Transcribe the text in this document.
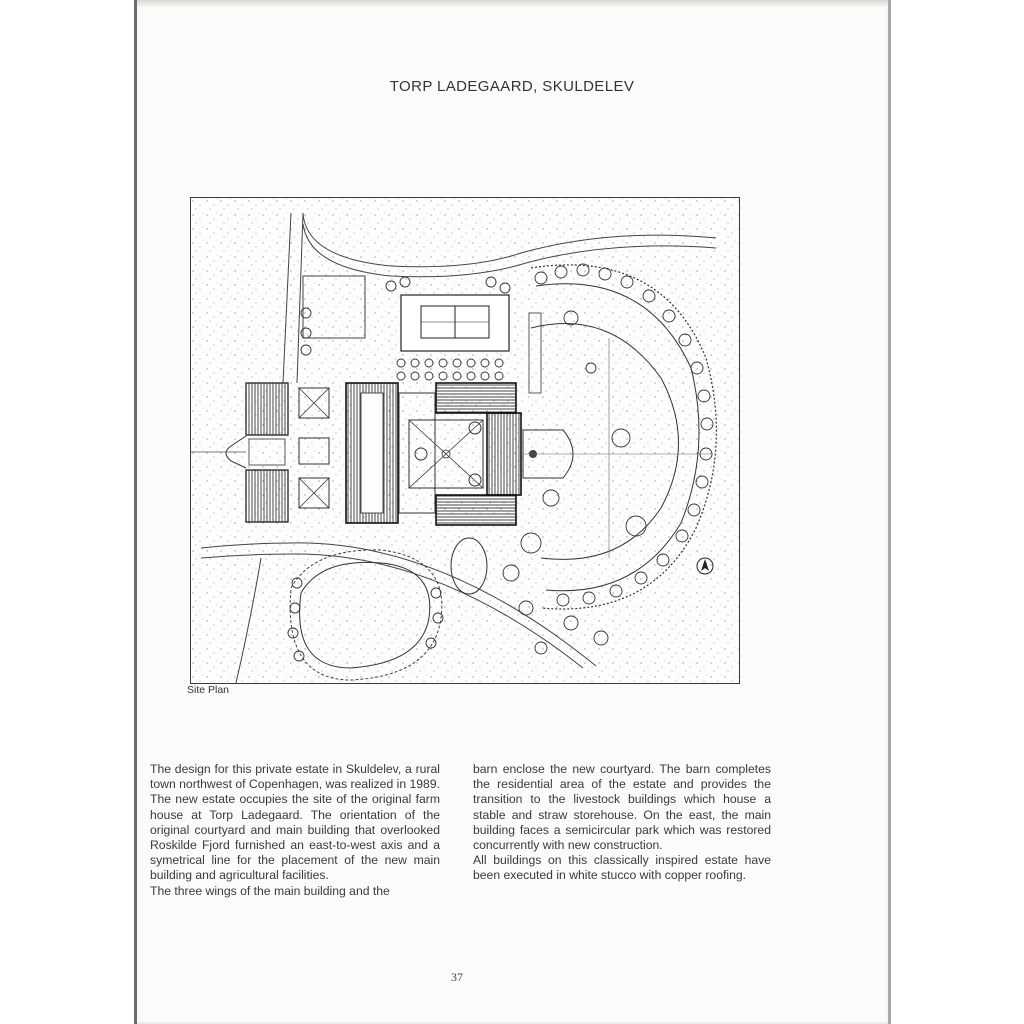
TORP LADEGAARD, SKULDELEV
Site Plan

The design for this private estate in Skuldelev, a rural town northwest of Copenhagen, was realized in 1989. The new estate occupies the site of the original farm house at Torp Ladegaard. The orientation of the original courtyard and main building that overlooked Roskilde Fjord furnished an east-to-west axis and a symetrical line for the placement of the new main building and agricultural facilities.

The three wings of the main building and the

barn enclose the new courtyard. The barn completes the residential area of the estate and provides the transition to the livestock buildings which house a stable and straw storehouse. On the east, the main building faces a semicircular park which was restored concurrently with new construction.

All buildings on this classically inspired estate have been executed in white stucco with copper roofing.

37
